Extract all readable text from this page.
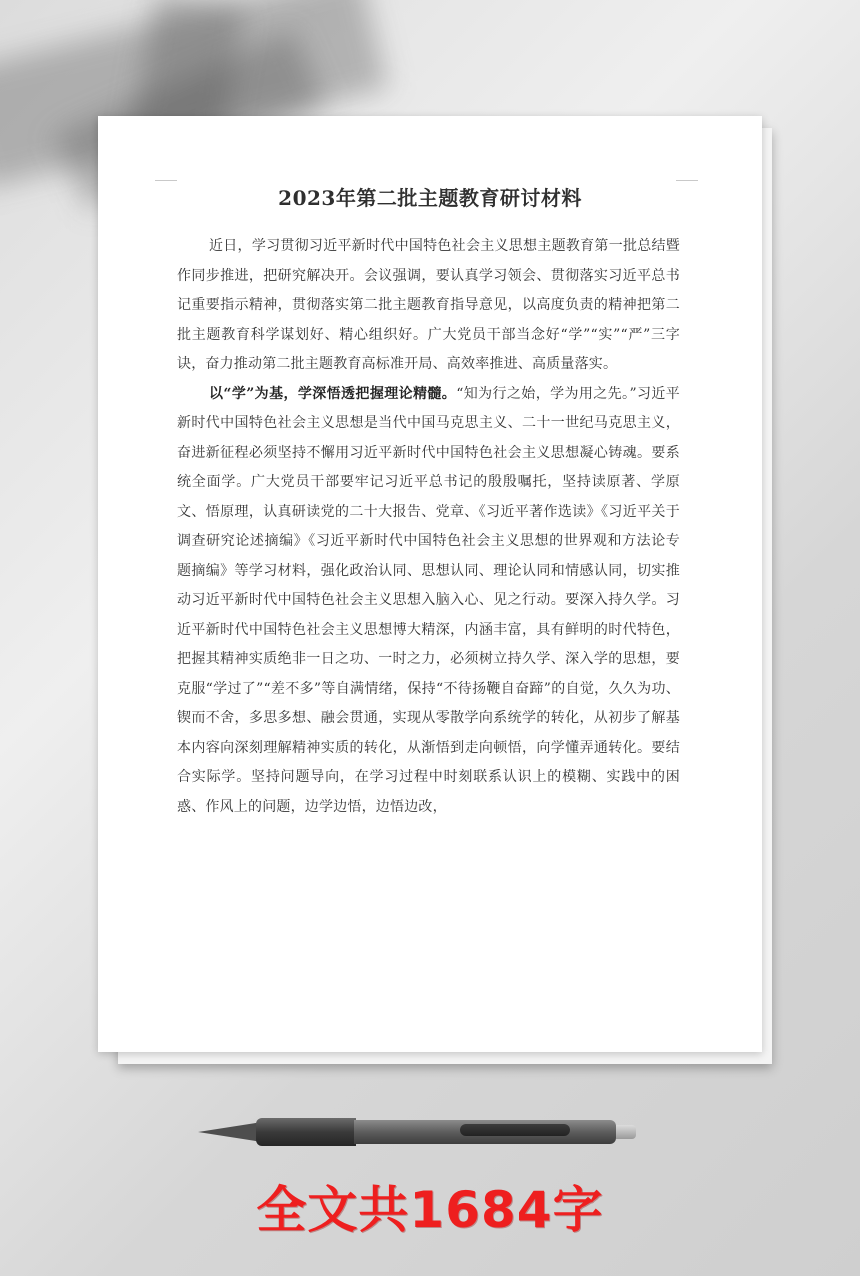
2023年第二批主题教育研讨材料

近日，学习贯彻习近平新时代中国特色社会主义思想主题教育第一批总结暨作同步推进，把研究解决开。会议强调，要认真学习领会、贯彻落实习近平总书记重要指示精神，贯彻落实第二批主题教育指导意见，以高度负责的精神把第二批主题教育科学谋划好、精心组织好。广大党员干部当念好“学”“实”“严”三字诀，奋力推动第二批主题教育高标准开局、高效率推进、高质量落实。

以“学”为基，学深悟透把握理论精髓。“知为行之始，学为用之先。”习近平新时代中国特色社会主义思想是当代中国马克思主义、二十一世纪马克思主义，奋进新征程必须坚持不懈用习近平新时代中国特色社会主义思想凝心铸魂。要系统全面学。广大党员干部要牢记习近平总书记的殷殷嘱托，坚持读原著、学原文、悟原理，认真研读党的二十大报告、党章、《习近平著作选读》《习近平关于调查研究论述摘编》《习近平新时代中国特色社会主义思想的世界观和方法论专题摘编》等学习材料，强化政治认同、思想认同、理论认同和情感认同，切实推动习近平新时代中国特色社会主义思想入脑入心、见之行动。要深入持久学。习近平新时代中国特色社会主义思想博大精深，内涵丰富，具有鲜明的时代特色，把握其精神实质绝非一日之功、一时之力，必须树立持久学、深入学的思想，要克服“学过了”“差不多”等自满情绪，保持“不待扬鞭自奋蹄”的自觉，久久为功、锲而不舍，多思多想、融会贯通，实现从零散学向系统学的转化，从初步了解基本内容向深刻理解精神实质的转化，从渐悟到走向顿悟，向学懂弄通转化。要结合实际学。坚持问题导向，在学习过程中时刻联系认识上的模糊、实践中的困惑、作风上的问题，边学边悟，边悟边改，

全文共1684字
